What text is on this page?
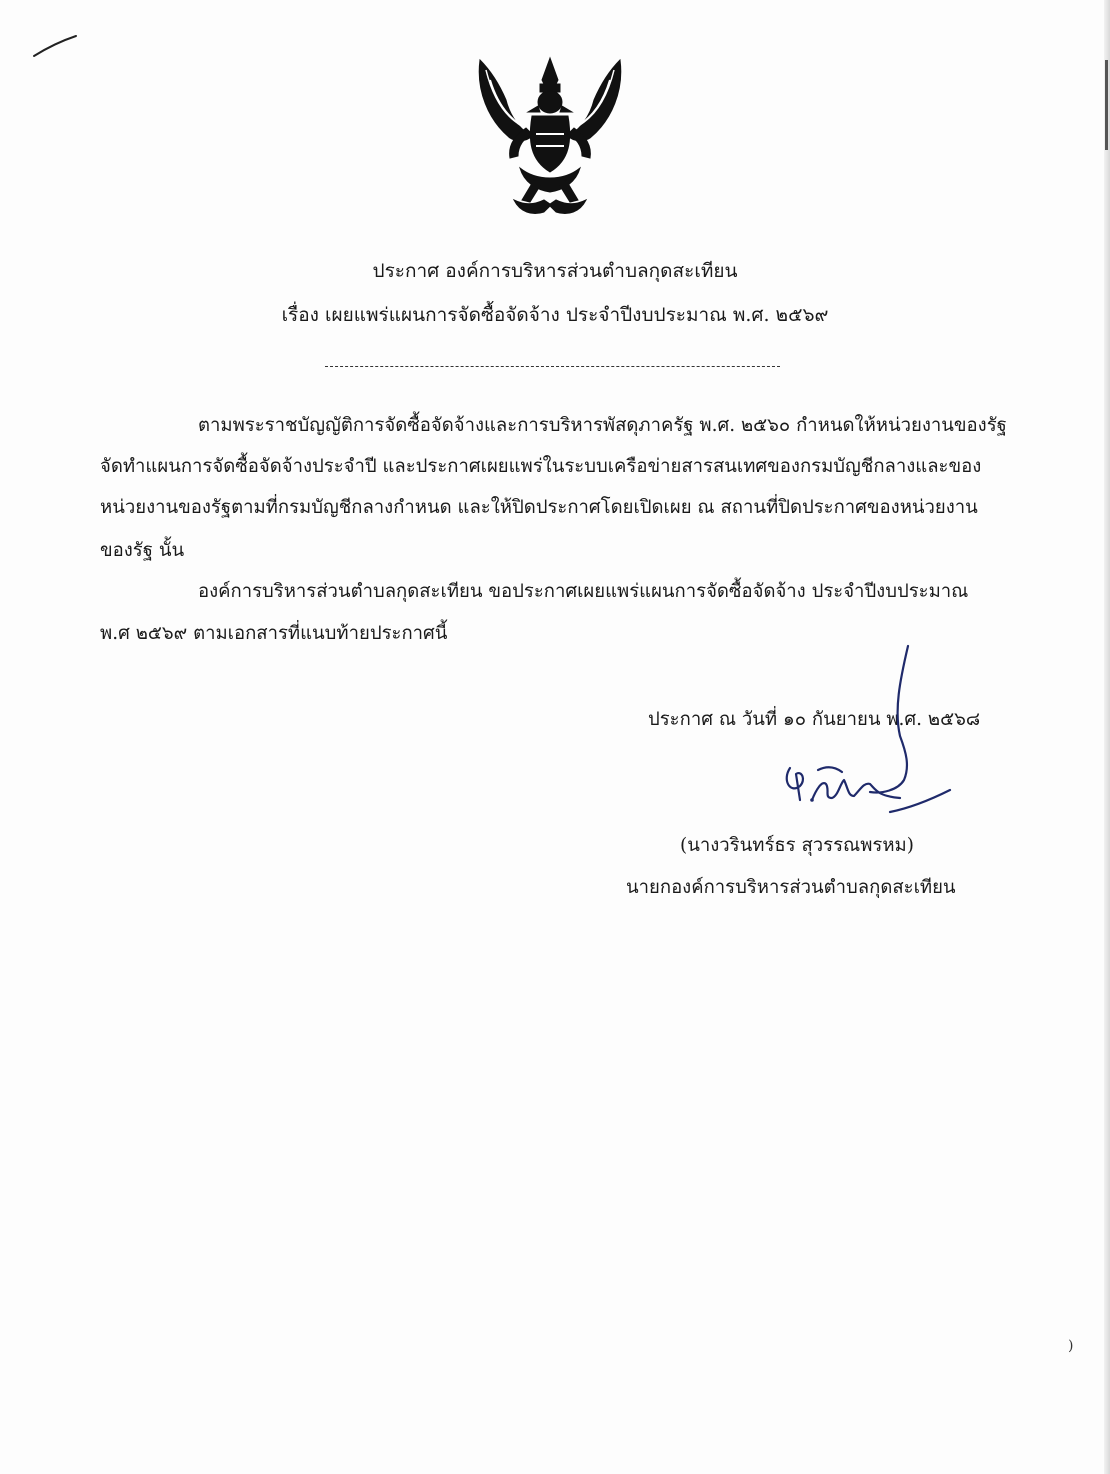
ประกาศ องค์การบริหารส่วนตำบลกุดสะเทียน
เรื่อง เผยแพร่แผนการจัดซื้อจัดจ้าง ประจำปีงบประมาณ พ.ศ. ๒๕๖๙
ตามพระราชบัญญัติการจัดซื้อจัดจ้างและการบริหารพัสดุภาครัฐ พ.ศ. ๒๕๖๐ กำหนดให้หน่วยงานของรัฐ
จัดทำแผนการจัดซื้อจัดจ้างประจำปี และประกาศเผยแพร่ในระบบเครือข่ายสารสนเทศของกรมบัญชีกลางและของ
หน่วยงานของรัฐตามที่กรมบัญชีกลางกำหนด และให้ปิดประกาศโดยเปิดเผย ณ สถานที่ปิดประกาศของหน่วยงาน
ของรัฐ นั้น
องค์การบริหารส่วนตำบลกุดสะเทียน ขอประกาศเผยแพร่แผนการจัดซื้อจัดจ้าง ประจำปีงบประมาณ
พ.ศ ๒๕๖๙ ตามเอกสารที่แนบท้ายประกาศนี้
ประกาศ ณ วันที่ ๑๐ กันยายน พ.ศ. ๒๕๖๘
(นางวรินทร์ธร สุวรรณพรหม)
นายกองค์การบริหารส่วนตำบลกุดสะเทียน
)
